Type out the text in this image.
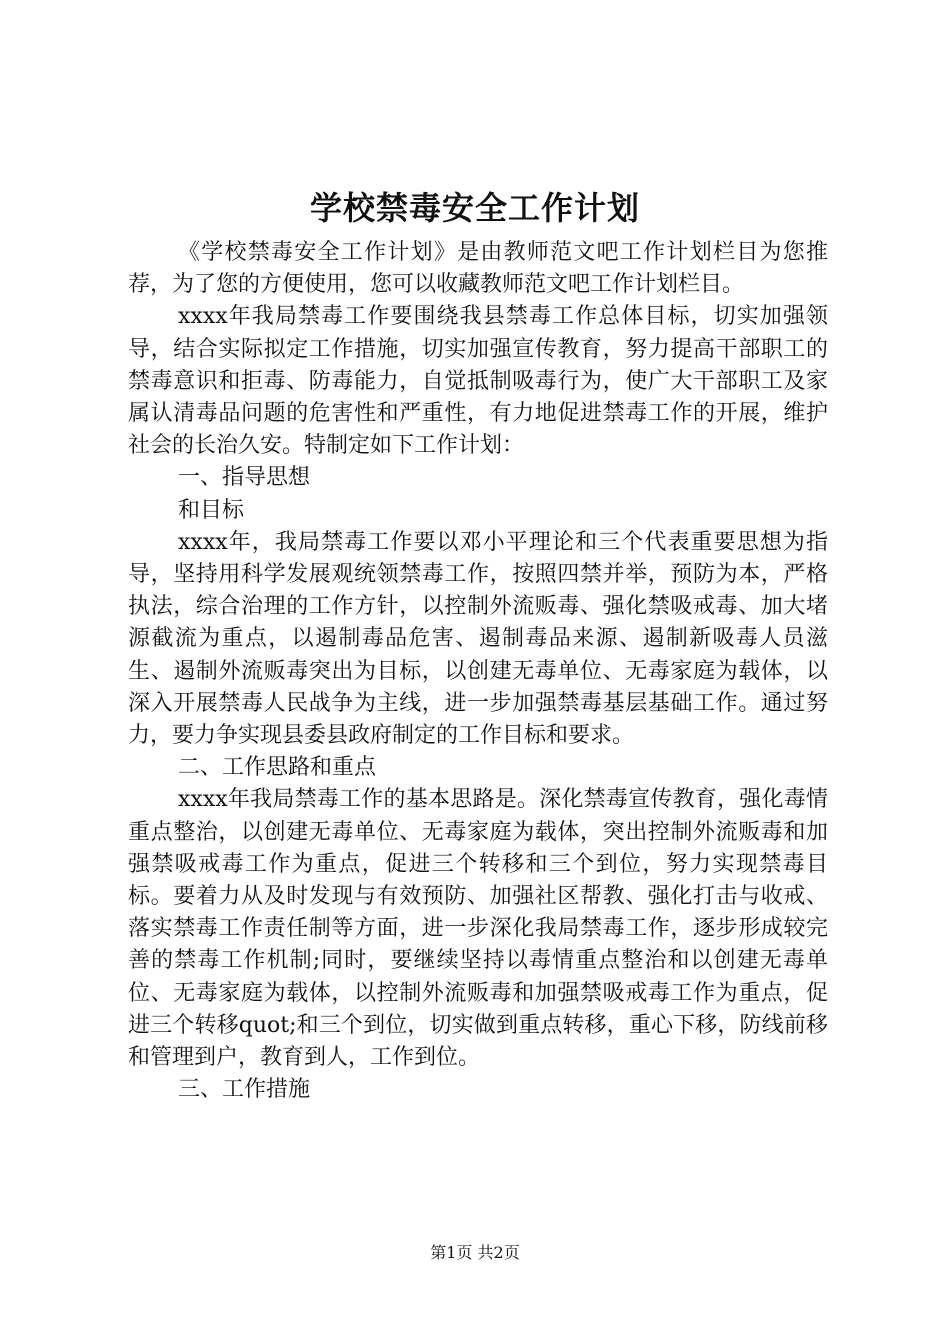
学校禁毒安全工作计划

《学校禁毒安全工作计划》是由教师范文吧工作计划栏目为您推荐，为了您的方便使用，您可以收藏教师范文吧工作计划栏目。

xxxx年我局禁毒工作要围绕我县禁毒工作总体目标，切实加强领导，结合实际拟定工作措施，切实加强宣传教育，努力提高干部职工的禁毒意识和拒毒、防毒能力，自觉抵制吸毒行为，使广大干部职工及家属认清毒品问题的危害性和严重性，有力地促进禁毒工作的开展，维护社会的长治久安。特制定如下工作计划：

一、指导思想

和目标

xxxx年，我局禁毒工作要以邓小平理论和三个代表重要思想为指导，坚持用科学发展观统领禁毒工作，按照四禁并举，预防为本，严格执法，综合治理的工作方针，以控制外流贩毒、强化禁吸戒毒、加大堵源截流为重点，以遏制毒品危害、遏制毒品来源、遏制新吸毒人员滋生、遏制外流贩毒突出为目标，以创建无毒单位、无毒家庭为载体，以深入开展禁毒人民战争为主线，进一步加强禁毒基层基础工作。通过努力，要力争实现县委县政府制定的工作目标和要求。

二、工作思路和重点

xxxx年我局禁毒工作的基本思路是。深化禁毒宣传教育，强化毒情重点整治，以创建无毒单位、无毒家庭为载体，突出控制外流贩毒和加强禁吸戒毒工作为重点，促进三个转移和三个到位，努力实现禁毒目标。要着力从及时发现与有效预防、加强社区帮教、强化打击与收戒、落实禁毒工作责任制等方面，进一步深化我局禁毒工作，逐步形成较完善的禁毒工作机制;同时，要继续坚持以毒情重点整治和以创建无毒单位、无毒家庭为载体，以控制外流贩毒和加强禁吸戒毒工作为重点，促进三个转移quot;和三个到位，切实做到重点转移，重心下移，防线前移和管理到户，教育到人，工作到位。

三、工作措施

第1页 共2页
